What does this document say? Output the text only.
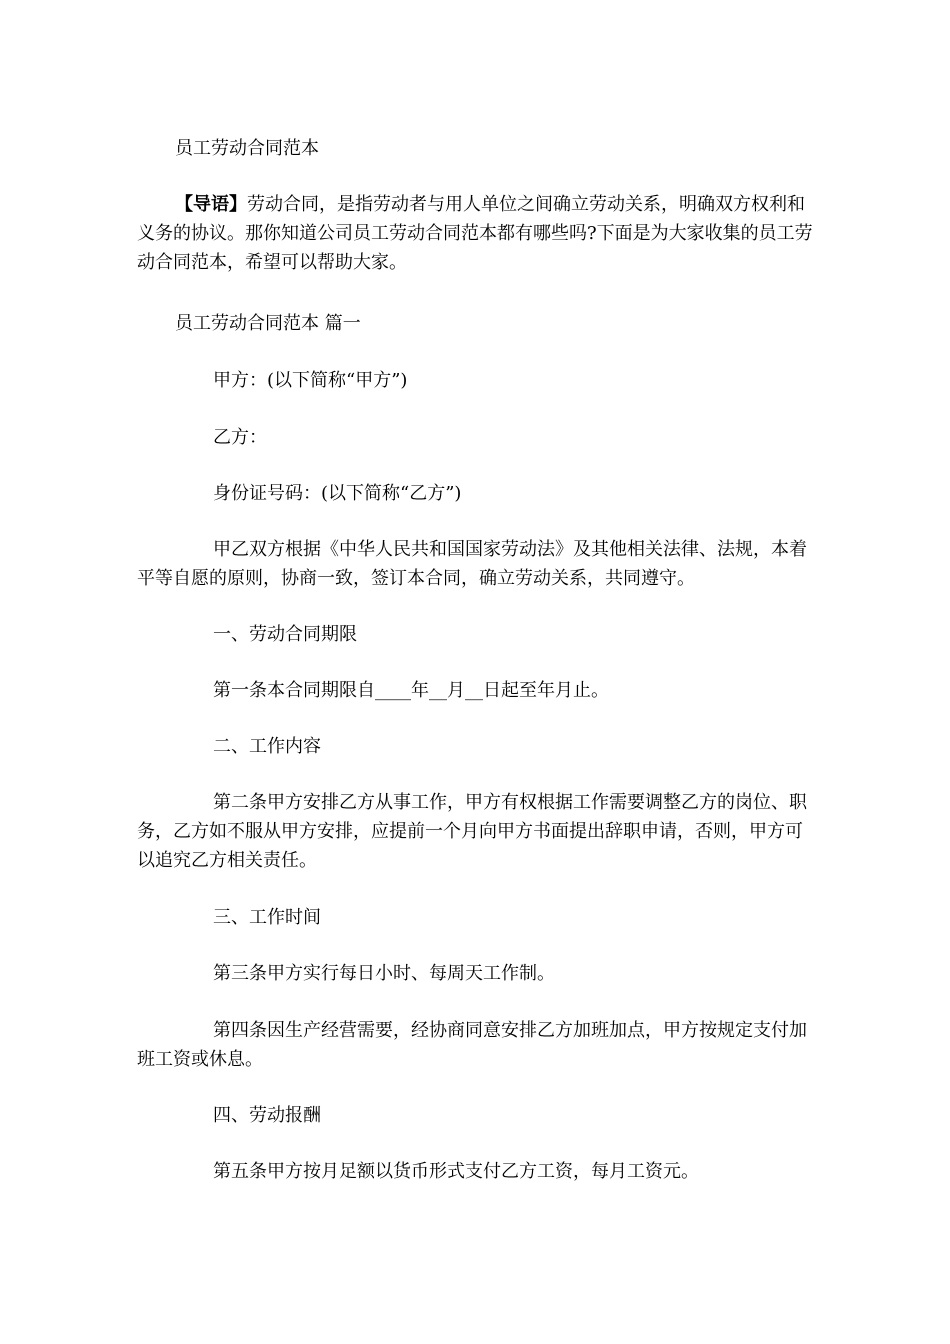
员工劳动合同范本

【导语】劳动合同，是指劳动者与用人单位之间确立劳动关系，明确双方权利和义务的协议。那你知道公司员工劳动合同范本都有哪些吗?下面是为大家收集的员工劳动合同范本，希望可以帮助大家。

员工劳动合同范本 篇一

甲方：(以下简称“甲方”)

乙方：

身份证号码：(以下简称“乙方”)

甲乙双方根据《中华人民共和国国家劳动法》及其他相关法律、法规，本着平等自愿的原则，协商一致，签订本合同，确立劳动关系，共同遵守。

一、劳动合同期限

第一条本合同期限自____年__月__日起至年月止。

二、工作内容

第二条甲方安排乙方从事工作，甲方有权根据工作需要调整乙方的岗位、职务，乙方如不服从甲方安排，应提前一个月向甲方书面提出辞职申请，否则，甲方可以追究乙方相关责任。

三、工作时间

第三条甲方实行每日小时、每周天工作制。

第四条因生产经营需要，经协商同意安排乙方加班加点，甲方按规定支付加班工资或休息。

四、劳动报酬

第五条甲方按月足额以货币形式支付乙方工资，每月工资元。
